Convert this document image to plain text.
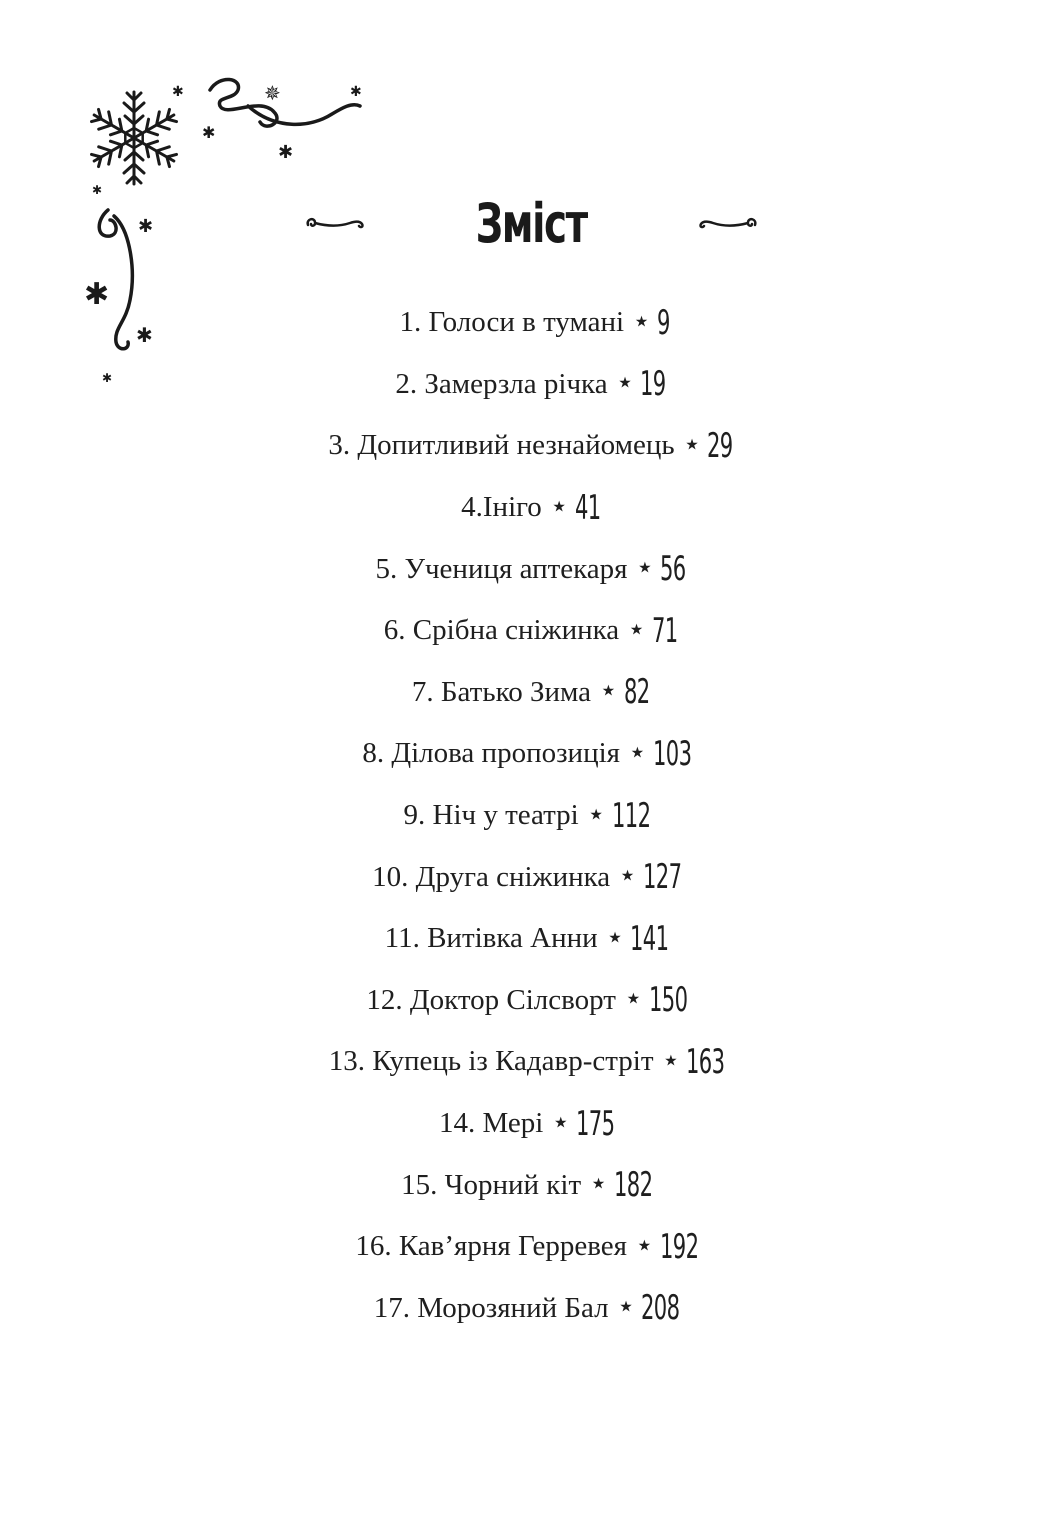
✱	✵	✱
✱
✱
✱
✱
✱
✱
✱
Зміст
1. Голоси в тумані ⋆ 9
2. Замерзла річка ⋆ 19
3. Допитливий незнайомець ⋆ 29
4.Ініго ⋆ 41
5. Учениця аптекаря ⋆ 56
6. Срібна сніжинка ⋆ 71
7. Батько Зима ⋆ 82
8. Ділова пропозиція ⋆ 103
9. Ніч у театрі ⋆ 112
10. Друга сніжинка ⋆ 127
11. Витівка Анни ⋆ 141
12. Доктор Сілсворт ⋆ 150
13. Купець із Кадавр-стріт ⋆ 163
14. Мері ⋆ 175
15. Чорний кіт ⋆ 182
16. Кав’ярня Герревея ⋆ 192
17. Морозяний Бал ⋆ 208
